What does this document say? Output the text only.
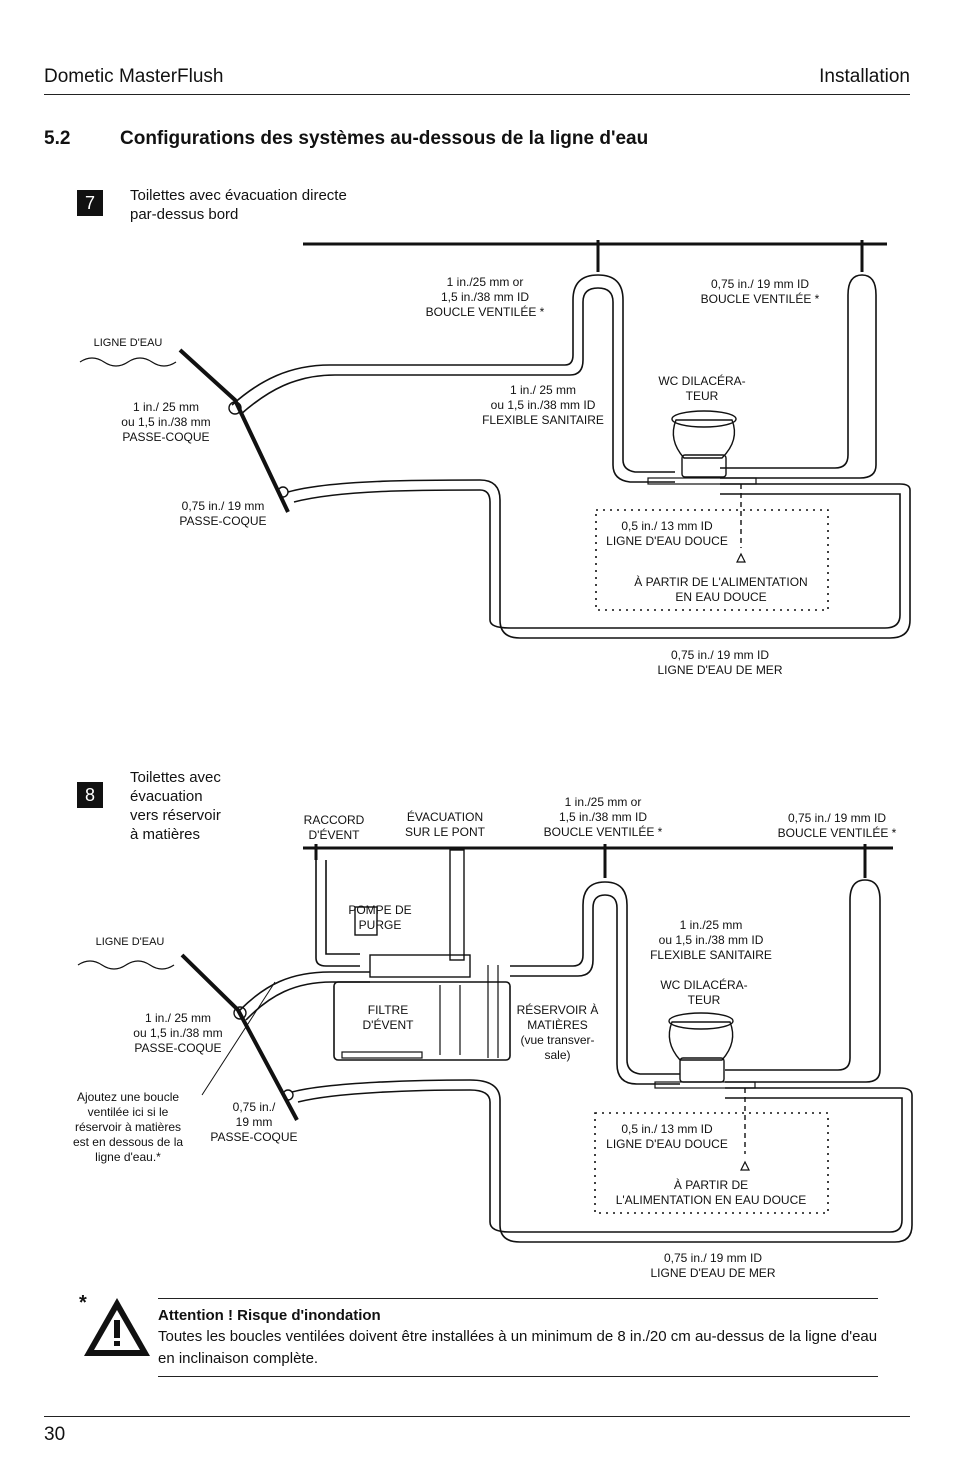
Dometic MasterFlush	Installation
5.2	Configurations des systèmes au-dessous de la ligne d'eau
7	Toilettes avec évacuation directe
par-dessus bord
LIGNE D'EAU
1 in./25 mm or
1,5 in./38 mm ID
BOUCLE VENTILÉE *
0,75 in./ 19 mm ID
BOUCLE VENTILÉE *
1 in./ 25 mm
ou 1,5 in./38 mm ID
FLEXIBLE SANITAIRE
WC DILACÉRA-
TEUR
1 in./ 25 mm
ou 1,5 in./38 mm
PASSE-COQUE
0,75 in./ 19 mm
PASSE-COQUE	0,5 in./ 13 mm ID
LIGNE D'EAU DOUCE
À PARTIR DE L'ALIMENTATION
EN EAU DOUCE
0,75 in./ 19 mm ID
LIGNE D'EAU DE MER
8
Toilettes avec
évacuation
vers réservoir
à matières
RACCORD
D'ÉVENT
ÉVACUATION
SUR LE PONT
1 in./25 mm or
1,5 in./38 mm ID
BOUCLE VENTILÉE *
0,75 in./ 19 mm ID
BOUCLE VENTILÉE *
LIGNE D'EAU
POMPE DE
PURGE	1 in./25 mm
ou 1,5 in./38 mm ID
FLEXIBLE SANITAIRE
WC DILACÉRA-
TEUR
FILTRE
D'ÉVENT
RÉSERVOIR À
MATIÈRES
(vue transver-
sale)
1 in./ 25 mm
ou 1,5 in./38 mm
PASSE-COQUE
Ajoutez une boucle
ventilée ici si le
réservoir à matières
est en dessous de la
ligne d'eau.*
0,75 in./
19 mm
PASSE-COQUE
0,5 in./ 13 mm ID
LIGNE D'EAU DOUCE
À PARTIR DE
L'ALIMENTATION EN EAU DOUCE
0,75 in./ 19 mm ID
LIGNE D'EAU DE MER
*
Attention ! Risque d'inondation
Toutes les boucles ventilées doivent être installées à un minimum de 8 in./20 cm au-dessus de la ligne d'eau en inclinaison complète.
30
